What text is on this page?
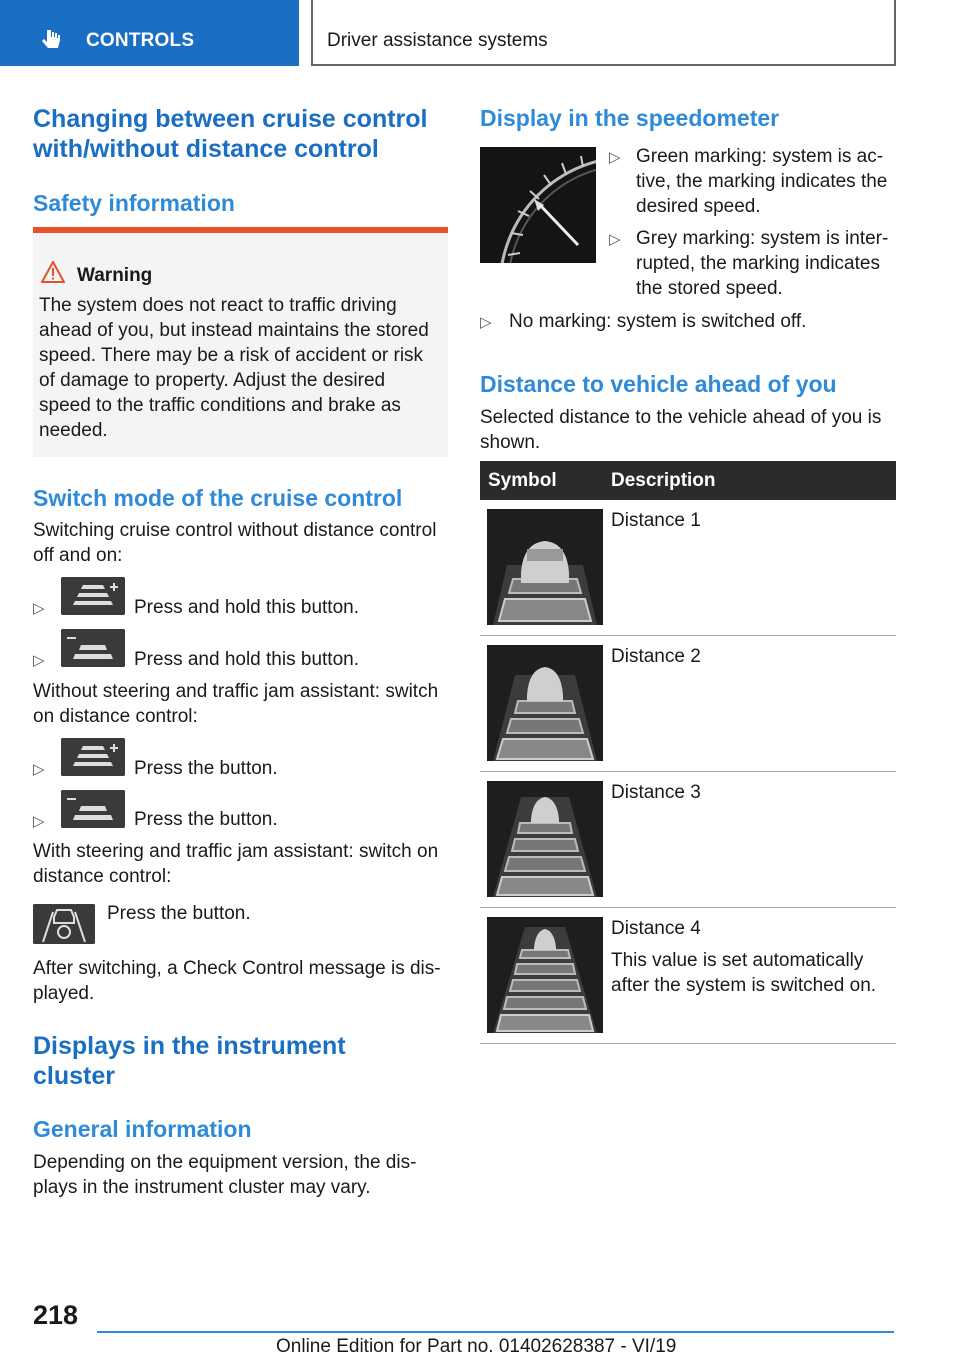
CONTROLS	Driver assistance systems
Changing between cruise control
with/without distance control
Safety information
Warning
The system does not react to traffic driving
ahead of you, but instead maintains the stored
speed. There may be a risk of accident or risk
of damage to property. Adjust the desired
speed to the traffic conditions and brake as
needed.
Switch mode of the cruise control
Switching cruise control without distance control
off and on:
▷	Press and hold this button.
▷	Press and hold this button.
Without steering and traffic jam assistant: switch
on distance control:
▷	Press the button.
▷	Press the button.
With steering and traffic jam assistant: switch on
distance control:
Press the button.
After switching, a Check Control message is dis-
played.
Displays in the instrument
cluster
General information
Depending on the equipment version, the dis-
plays in the instrument cluster may vary.
Display in the speedometer
▷ Green marking: system is ac-
tive, the marking indicates the
desired speed.
▷ Grey marking: system is inter-
rupted, the marking indicates
the stored speed.
▷ No marking: system is switched off.
Distance to vehicle ahead of you
Selected distance to the vehicle ahead of you is
shown.
Symbol	Description
Distance 1
Distance 2
Distance 3
Distance 4
This value is set automatically
after the system is switched on.
218
Online Edition for Part no. 01402628387 - VI/19
